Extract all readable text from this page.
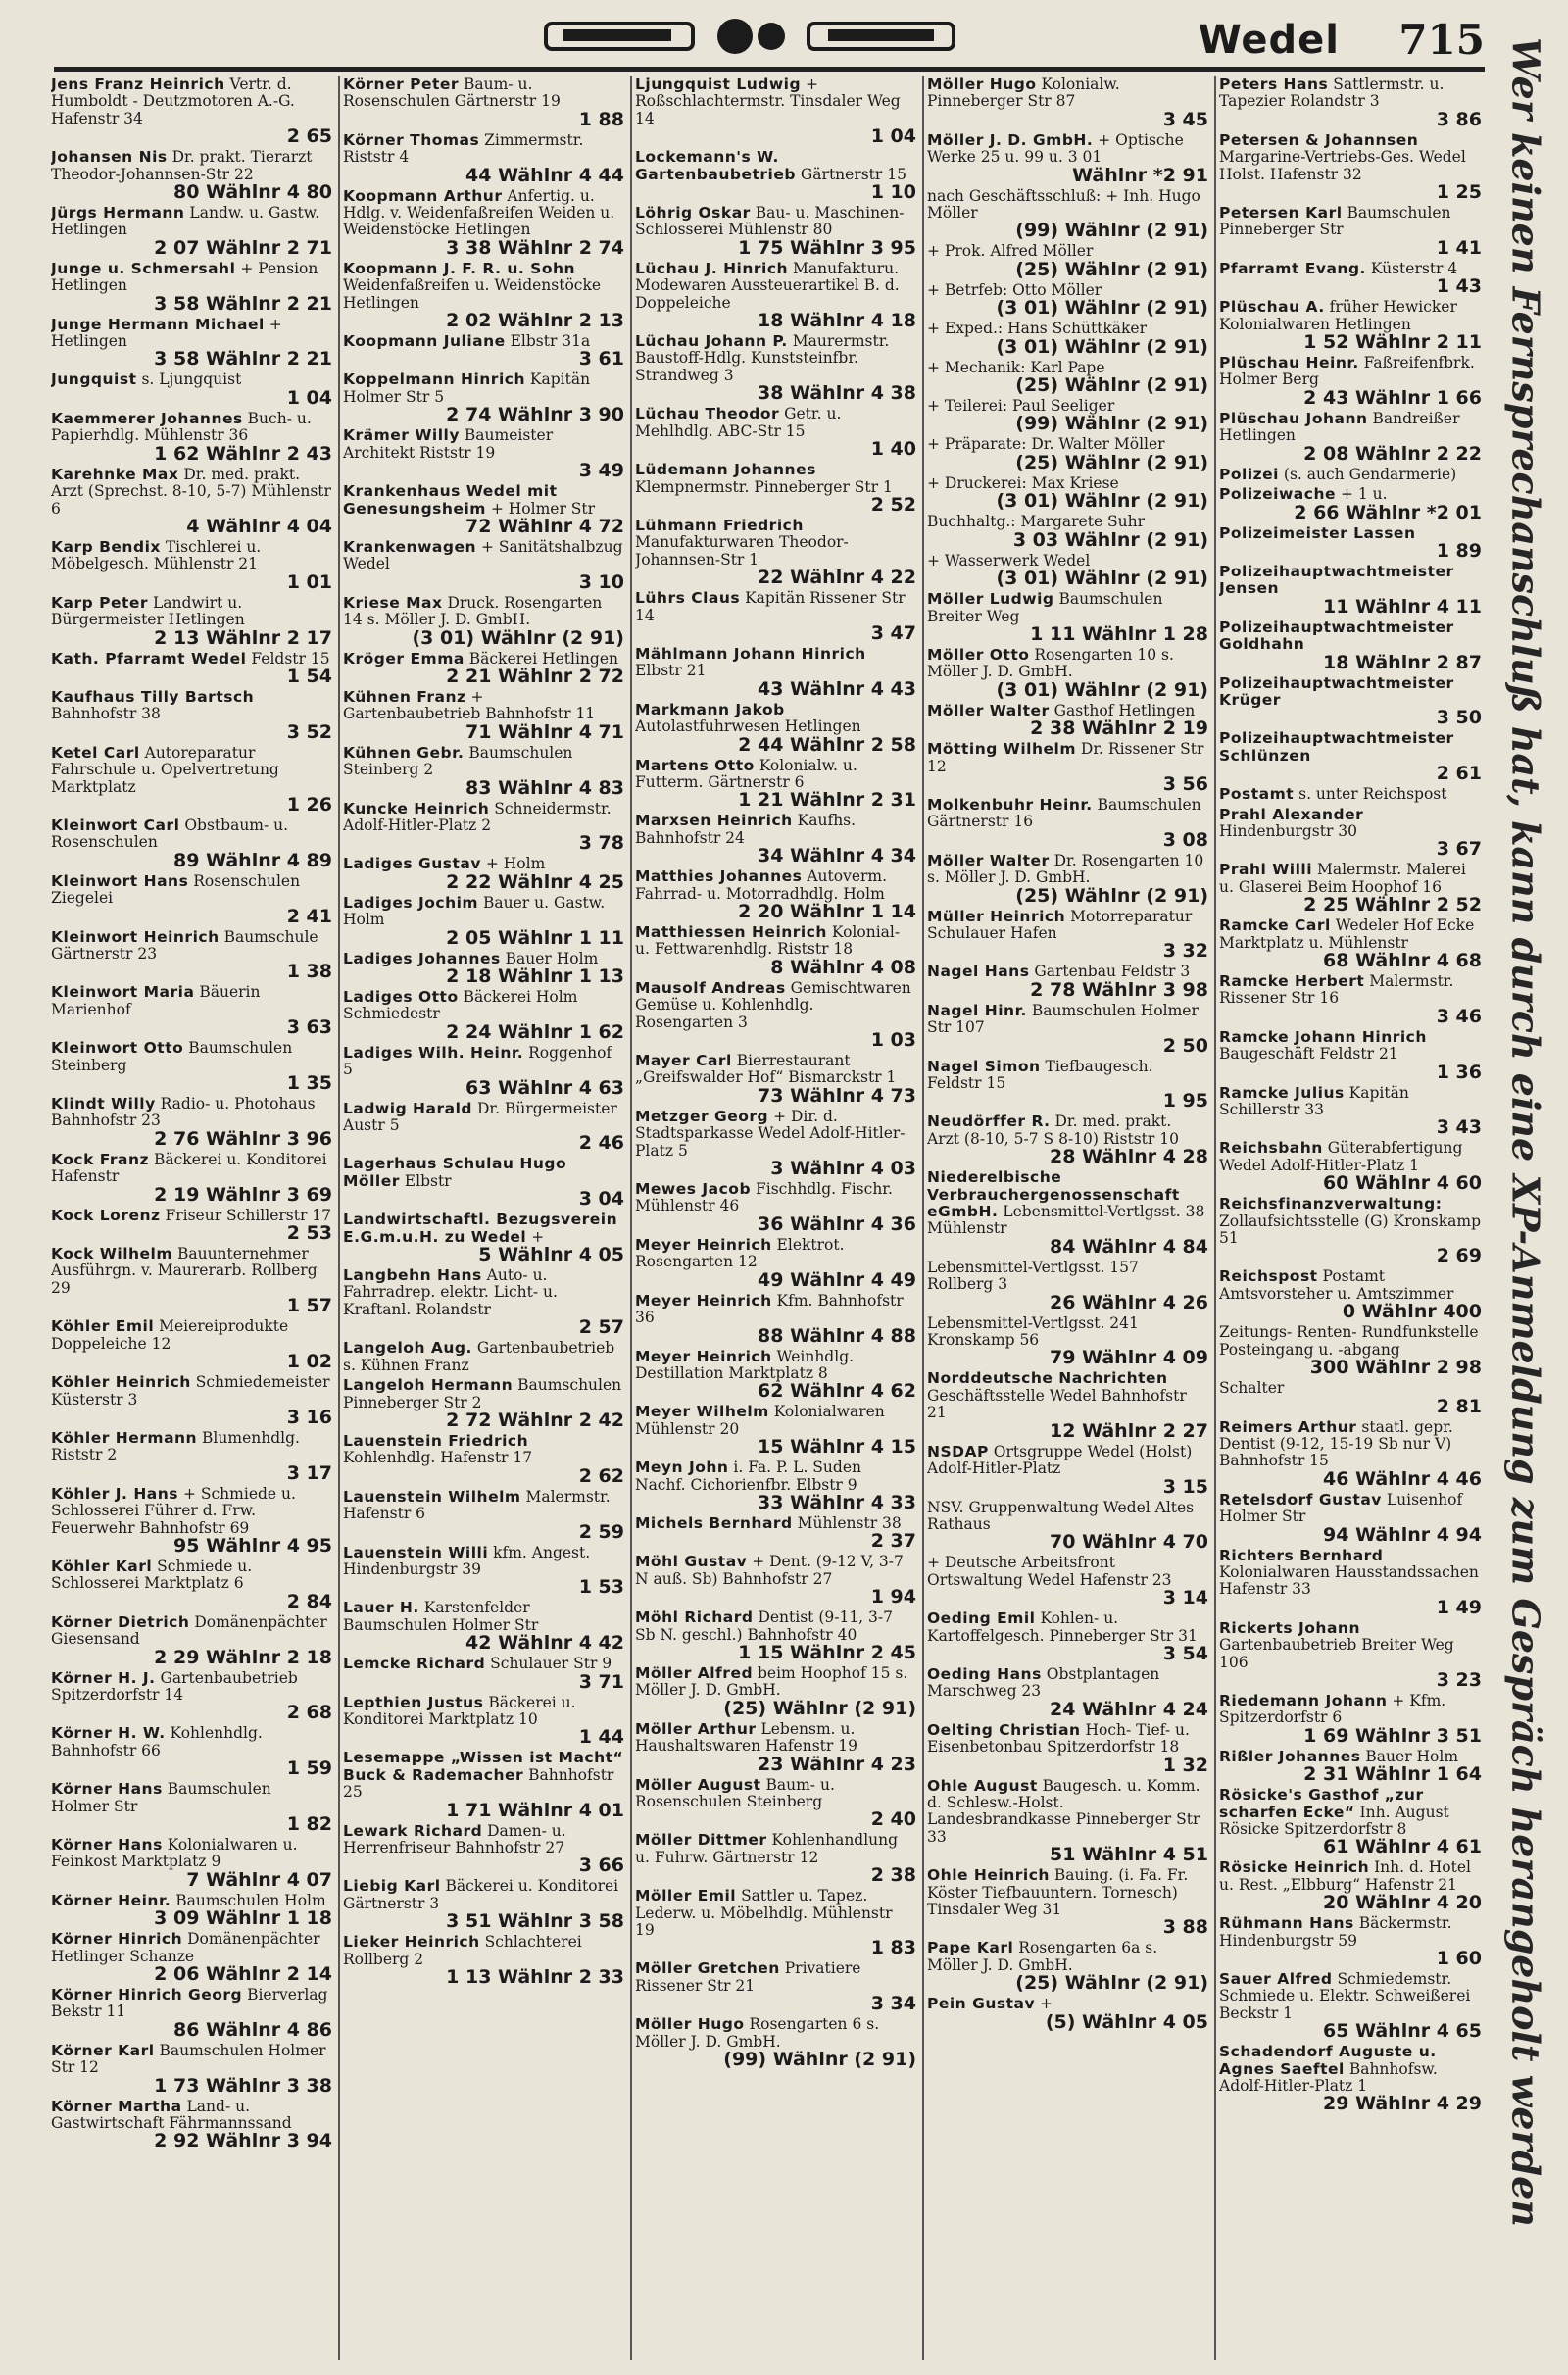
Wedel 715
Jens Franz Heinrich Vertr. d. Humboldt - Deutzmotoren A.-G. Hafenstr 34
2 65
Johansen Nis Dr. prakt. Tierarzt Theodor-Johannsen-Str 22
80 Wählnr 4 80
Jürgs Hermann Landw. u. Gastw. Hetlingen
2 07 Wählnr 2 71
Junge u. Schmersahl + Pension Hetlingen
3 58 Wählnr 2 21
Junge Hermann Michael + Hetlingen
3 58 Wählnr 2 21
Jungquist s. Ljungquist
1 04
Kaemmerer Johannes Buch- u. Papierhdlg. Mühlenstr 36
1 62 Wählnr 2 43
Karehnke Max Dr. med. prakt. Arzt (Sprechst. 8-10, 5-7) Mühlenstr 6
4 Wählnr 4 04
Karp Bendix Tischlerei u. Möbelgesch. Mühlenstr 21
1 01
Karp Peter Landwirt u. Bürgermeister Hetlingen
2 13 Wählnr 2 17
Kath. Pfarramt Wedel Feldstr 15
1 54
Kaufhaus Tilly Bartsch Bahnhofstr 38
3 52
Ketel Carl Autoreparatur Fahrschule u. Opelvertretung Marktplatz
1 26
Kleinwort Carl Obstbaum- u. Rosenschulen
89 Wählnr 4 89
Kleinwort Hans Rosenschulen Ziegelei
2 41
Kleinwort Heinrich Baumschule Gärtnerstr 23
1 38
Kleinwort Maria Bäuerin Marienhof
3 63
Kleinwort Otto Baumschulen Steinberg
1 35
Klindt Willy Radio- u. Photohaus Bahnhofstr 23
2 76 Wählnr 3 96
Kock Franz Bäckerei u. Konditorei Hafenstr
2 19 Wählnr 3 69
Kock Lorenz Friseur Schillerstr 17
2 53
Kock Wilhelm Bauunternehmer Ausführgn. v. Maurerarb. Rollberg 29
1 57
Köhler Emil Meiereiprodukte Doppeleiche 12
1 02
Köhler Heinrich Schmiedemeister Küsterstr 3
3 16
Köhler Hermann Blumenhdlg. Riststr 2
3 17
Köhler J. Hans + Schmiede u. Schlosserei Führer d. Frw. Feuerwehr Bahnhofstr 69
95 Wählnr 4 95
Köhler Karl Schmiede u. Schlosserei Marktplatz 6
2 84
Körner Dietrich Domänenpächter Giesensand
2 29 Wählnr 2 18
Körner H. J. Gartenbaubetrieb Spitzerdorfstr 14
2 68
Körner H. W. Kohlenhdlg. Bahnhofstr 66
1 59
Körner Hans Baumschulen Holmer Str
1 82
Körner Hans Kolonialwaren u. Feinkost Marktplatz 9
7 Wählnr 4 07
Körner Heinr. Baumschulen Holm
3 09 Wählnr 1 18
Körner Hinrich Domänenpächter Hetlinger Schanze
2 06 Wählnr 2 14
Körner Hinrich Georg Bierverlag Bekstr 11
86 Wählnr 4 86
Körner Karl Baumschulen Holmer Str 12
1 73 Wählnr 3 38
Körner Martha Land- u. Gastwirtschaft Fährmannssand
2 92 Wählnr 3 94
Körner Peter Baum- u. Rosenschulen Gärtnerstr 19
1 88
Körner Thomas Zimmermstr. Riststr 4
44 Wählnr 4 44
Koopmann Arthur Anfertig. u. Hdlg. v. Weidenfaßreifen Weiden u. Weidenstöcke Hetlingen
3 38 Wählnr 2 74
Koopmann J. F. R. u. Sohn Weidenfaßreifen u. Weidenstöcke Hetlingen
2 02 Wählnr 2 13
Koopmann Juliane Elbstr 31a
3 61
Koppelmann Hinrich Kapitän Holmer Str 5
2 74 Wählnr 3 90
Krämer Willy Baumeister Architekt Riststr 19
3 49
Krankenhaus Wedel mit Genesungsheim + Holmer Str
72 Wählnr 4 72
Krankenwagen + Sanitätshalbzug Wedel
3 10
Kriese Max Druck. Rosengarten 14 s. Möller J. D. GmbH.
(3 01) Wählnr (2 91)
Kröger Emma Bäckerei Hetlingen
2 21 Wählnr 2 72
Kühnen Franz + Gartenbaubetrieb Bahnhofstr 11
71 Wählnr 4 71
Kühnen Gebr. Baumschulen Steinberg 2
83 Wählnr 4 83
Kuncke Heinrich Schneidermstr. Adolf-Hitler-Platz 2
3 78
Ladiges Gustav + Holm
2 22 Wählnr 4 25
Ladiges Jochim Bauer u. Gastw. Holm
2 05 Wählnr 1 11
Ladiges Johannes Bauer Holm
2 18 Wählnr 1 13
Ladiges Otto Bäckerei Holm Schmiedestr
2 24 Wählnr 1 62
Ladiges Wilh. Heinr. Roggenhof 5
63 Wählnr 4 63
Ladwig Harald Dr. Bürgermeister Austr 5
2 46
Lagerhaus Schulau Hugo Möller Elbstr
3 04
Landwirtschaftl. Bezugsverein E.G.m.u.H. zu Wedel +
5 Wählnr 4 05
Langbehn Hans Auto- u. Fahrradrep. elektr. Licht- u. Kraftanl. Rolandstr
2 57
Langeloh Aug. Gartenbaubetrieb s. Kühnen Franz
Langeloh Hermann Baumschulen Pinneberger Str 2
2 72 Wählnr 2 42
Lauenstein Friedrich Kohlenhdlg. Hafenstr 17
2 62
Lauenstein Wilhelm Malermstr. Hafenstr 6
2 59
Lauenstein Willi kfm. Angest. Hindenburgstr 39
1 53
Lauer H. Karstenfelder Baumschulen Holmer Str
42 Wählnr 4 42
Lemcke Richard Schulauer Str 9
3 71
Lepthien Justus Bäckerei u. Konditorei Marktplatz 10
1 44
Lesemappe „Wissen ist Macht“ Buck & Rademacher Bahnhofstr 25
1 71 Wählnr 4 01
Lewark Richard Damen- u. Herrenfriseur Bahnhofstr 27
3 66
Liebig Karl Bäckerei u. Konditorei Gärtnerstr 3
3 51 Wählnr 3 58
Lieker Heinrich Schlachterei Rollberg 2
1 13 Wählnr 2 33
Ljungquist Ludwig + Roßschlachtermstr. Tinsdaler Weg 14
1 04
Lockemann's W. Gartenbaubetrieb Gärtnerstr 15
1 10
Löhrig Oskar Bau- u. Maschinen-Schlosserei Mühlenstr 80
1 75 Wählnr 3 95
Lüchau J. Hinrich Manufakturu. Modewaren Aussteuerartikel B. d. Doppeleiche
18 Wählnr 4 18
Lüchau Johann P. Maurermstr. Baustoff-Hdlg. Kunststeinfbr. Strandweg 3
38 Wählnr 4 38
Lüchau Theodor Getr. u. Mehlhdlg. ABC-Str 15
1 40
Lüdemann Johannes Klempnermstr. Pinneberger Str 1
2 52
Lühmann Friedrich Manufakturwaren Theodor-Johannsen-Str 1
22 Wählnr 4 22
Lührs Claus Kapitän Rissener Str 14
3 47
Mählmann Johann Hinrich Elbstr 21
43 Wählnr 4 43
Markmann Jakob Autolastfuhrwesen Hetlingen
2 44 Wählnr 2 58
Martens Otto Kolonialw. u. Futterm. Gärtnerstr 6
1 21 Wählnr 2 31
Marxsen Heinrich Kaufhs. Bahnhofstr 24
34 Wählnr 4 34
Matthies Johannes Autoverm. Fahrrad- u. Motorradhdlg. Holm
2 20 Wählnr 1 14
Matthiessen Heinrich Kolonial- u. Fettwarenhdlg. Riststr 18
8 Wählnr 4 08
Mausolf Andreas Gemischtwaren Gemüse u. Kohlenhdlg. Rosengarten 3
1 03
Mayer Carl Bierrestaurant „Greifswalder Hof“ Bismarckstr 1
73 Wählnr 4 73
Metzger Georg + Dir. d. Stadtsparkasse Wedel Adolf-Hitler-Platz 5
3 Wählnr 4 03
Mewes Jacob Fischhdlg. Fischr. Mühlenstr 46
36 Wählnr 4 36
Meyer Heinrich Elektrot. Rosengarten 12
49 Wählnr 4 49
Meyer Heinrich Kfm. Bahnhofstr 36
88 Wählnr 4 88
Meyer Heinrich Weinhdlg. Destillation Marktplatz 8
62 Wählnr 4 62
Meyer Wilhelm Kolonialwaren Mühlenstr 20
15 Wählnr 4 15
Meyn John i. Fa. P. L. Suden Nachf. Cichorienfbr. Elbstr 9
33 Wählnr 4 33
Michels Bernhard Mühlenstr 38
2 37
Möhl Gustav + Dent. (9-12 V, 3-7 N auß. Sb) Bahnhofstr 27
1 94
Möhl Richard Dentist (9-11, 3-7 Sb N. geschl.) Bahnhofstr 40
1 15 Wählnr 2 45
Möller Alfred beim Hoophof 15 s. Möller J. D. GmbH.
(25) Wählnr (2 91)
Möller Arthur Lebensm. u. Haushaltswaren Hafenstr 19
23 Wählnr 4 23
Möller August Baum- u. Rosenschulen Steinberg
2 40
Möller Dittmer Kohlenhandlung u. Fuhrw. Gärtnerstr 12
2 38
Möller Emil Sattler u. Tapez. Lederw. u. Möbelhdlg. Mühlenstr 19
1 83
Möller Gretchen Privatiere Rissener Str 21
3 34
Möller Hugo Rosengarten 6 s. Möller J. D. GmbH.
(99) Wählnr (2 91)
Möller Hugo Kolonialw. Pinneberger Str 87
3 45
Möller J. D. GmbH. + Optische Werke 25 u. 99 u. 3 01
Wählnr *2 91
nach Geschäftsschluß: + Inh. Hugo Möller
(99) Wählnr (2 91)
+ Prok. Alfred Möller
(25) Wählnr (2 91)
+ Betrfeb: Otto Möller
(3 01) Wählnr (2 91)
+ Exped.: Hans Schüttkäker
(3 01) Wählnr (2 91)
+ Mechanik: Karl Pape
(25) Wählnr (2 91)
+ Teilerei: Paul Seeliger
(99) Wählnr (2 91)
+ Präparate: Dr. Walter Möller
(25) Wählnr (2 91)
+ Druckerei: Max Kriese
(3 01) Wählnr (2 91)
Buchhaltg.: Margarete Suhr
3 03 Wählnr (2 91)
+ Wasserwerk Wedel
(3 01) Wählnr (2 91)
Möller Ludwig Baumschulen Breiter Weg
1 11 Wählnr 1 28
Möller Otto Rosengarten 10 s. Möller J. D. GmbH.
(3 01) Wählnr (2 91)
Möller Walter Gasthof Hetlingen
2 38 Wählnr 2 19
Mötting Wilhelm Dr. Rissener Str 12
3 56
Molkenbuhr Heinr. Baumschulen Gärtnerstr 16
3 08
Möller Walter Dr. Rosengarten 10 s. Möller J. D. GmbH.
(25) Wählnr (2 91)
Müller Heinrich Motorreparatur Schulauer Hafen
3 32
Nagel Hans Gartenbau Feldstr 3
2 78 Wählnr 3 98
Nagel Hinr. Baumschulen Holmer Str 107
2 50
Nagel Simon Tiefbaugesch. Feldstr 15
1 95
Neudörffer R. Dr. med. prakt. Arzt (8-10, 5-7 S 8-10) Riststr 10
28 Wählnr 4 28
Niederelbische Verbrauchergenossenschaft eGmbH. Lebensmittel-Vertlgsst. 38 Mühlenstr
84 Wählnr 4 84
Lebensmittel-Vertlgsst. 157 Rollberg 3
26 Wählnr 4 26
Lebensmittel-Vertlgsst. 241 Kronskamp 56
79 Wählnr 4 09
Norddeutsche Nachrichten Geschäftsstelle Wedel Bahnhofstr 21
12 Wählnr 2 27
NSDAP Ortsgruppe Wedel (Holst) Adolf-Hitler-Platz
3 15
NSV. Gruppenwaltung Wedel Altes Rathaus
70 Wählnr 4 70
+ Deutsche Arbeitsfront Ortswaltung Wedel Hafenstr 23
3 14
Oeding Emil Kohlen- u. Kartoffelgesch. Pinneberger Str 31
3 54
Oeding Hans Obstplantagen Marschweg 23
24 Wählnr 4 24
Oelting Christian Hoch- Tief- u. Eisenbetonbau Spitzerdorfstr 18
1 32
Ohle August Baugesch. u. Komm. d. Schlesw.-Holst. Landesbrandkasse Pinneberger Str 33
51 Wählnr 4 51
Ohle Heinrich Bauing. (i. Fa. Fr. Köster Tiefbauuntern. Tornesch) Tinsdaler Weg 31
3 88
Pape Karl Rosengarten 6a s. Möller J. D. GmbH.
(25) Wählnr (2 91)
Pein Gustav +
(5) Wählnr 4 05
Peters Hans Sattlermstr. u. Tapezier Rolandstr 3
3 86
Petersen & Johannsen Margarine-Vertriebs-Ges. Wedel Holst. Hafenstr 32
1 25
Petersen Karl Baumschulen Pinneberger Str
1 41
Pfarramt Evang. Küsterstr 4
1 43
Plüschau A. früher Hewicker Kolonialwaren Hetlingen
1 52 Wählnr 2 11
Plüschau Heinr. Faßreifenfbrk. Holmer Berg
2 43 Wählnr 1 66
Plüschau Johann Bandreißer Hetlingen
2 08 Wählnr 2 22
Polizei (s. auch Gendarmerie)
Polizeiwache + 1 u.
2 66 Wählnr *2 01
Polizeimeister Lassen
1 89
Polizeihauptwachtmeister Jensen
11 Wählnr 4 11
Polizeihauptwachtmeister Goldhahn
18 Wählnr 2 87
Polizeihauptwachtmeister Krüger
3 50
Polizeihauptwachtmeister Schlünzen
2 61
Postamt s. unter Reichspost
Prahl Alexander Hindenburgstr 30
3 67
Prahl Willi Malermstr. Malerei u. Glaserei Beim Hoophof 16
2 25 Wählnr 2 52
Ramcke Carl Wedeler Hof Ecke Marktplatz u. Mühlenstr
68 Wählnr 4 68
Ramcke Herbert Malermstr. Rissener Str 16
3 46
Ramcke Johann Hinrich Baugeschäft Feldstr 21
1 36
Ramcke Julius Kapitän Schillerstr 33
3 43
Reichsbahn Güterabfertigung Wedel Adolf-Hitler-Platz 1
60 Wählnr 4 60
Reichsfinanzverwaltung: Zollaufsichtsstelle (G) Kronskamp 51
2 69
Reichspost Postamt Amtsvorsteher u. Amtszimmer
0 Wählnr 400
Zeitungs- Renten- Rundfunkstelle Posteingang u. -abgang
300 Wählnr 2 98
Schalter
2 81
Reimers Arthur staatl. gepr. Dentist (9-12, 15-19 Sb nur V) Bahnhofstr 15
46 Wählnr 4 46
Retelsdorf Gustav Luisenhof Holmer Str
94 Wählnr 4 94
Richters Bernhard Kolonialwaren Hausstandssachen Hafenstr 33
1 49
Rickerts Johann Gartenbaubetrieb Breiter Weg 106
3 23
Riedemann Johann + Kfm. Spitzerdorfstr 6
1 69 Wählnr 3 51
Rißler Johannes Bauer Holm
2 31 Wählnr 1 64
Rösicke's Gasthof „zur scharfen Ecke“ Inh. August Rösicke Spitzerdorfstr 8
61 Wählnr 4 61
Rösicke Heinrich Inh. d. Hotel u. Rest. „Elbburg“ Hafenstr 21
20 Wählnr 4 20
Rühmann Hans Bäckermstr. Hindenburgstr 59
1 60
Sauer Alfred Schmiedemstr. Schmiede u. Elektr. Schweißerei Beckstr 1
65 Wählnr 4 65
Schadendorf Auguste u. Agnes Saeftel Bahnhofsw. Adolf-Hitler-Platz 1
29 Wählnr 4 29 Wer keinen Fernsprechanschluß hat, kann durch eine XP-Anmeldung zum Gespräch herangeholt werden
